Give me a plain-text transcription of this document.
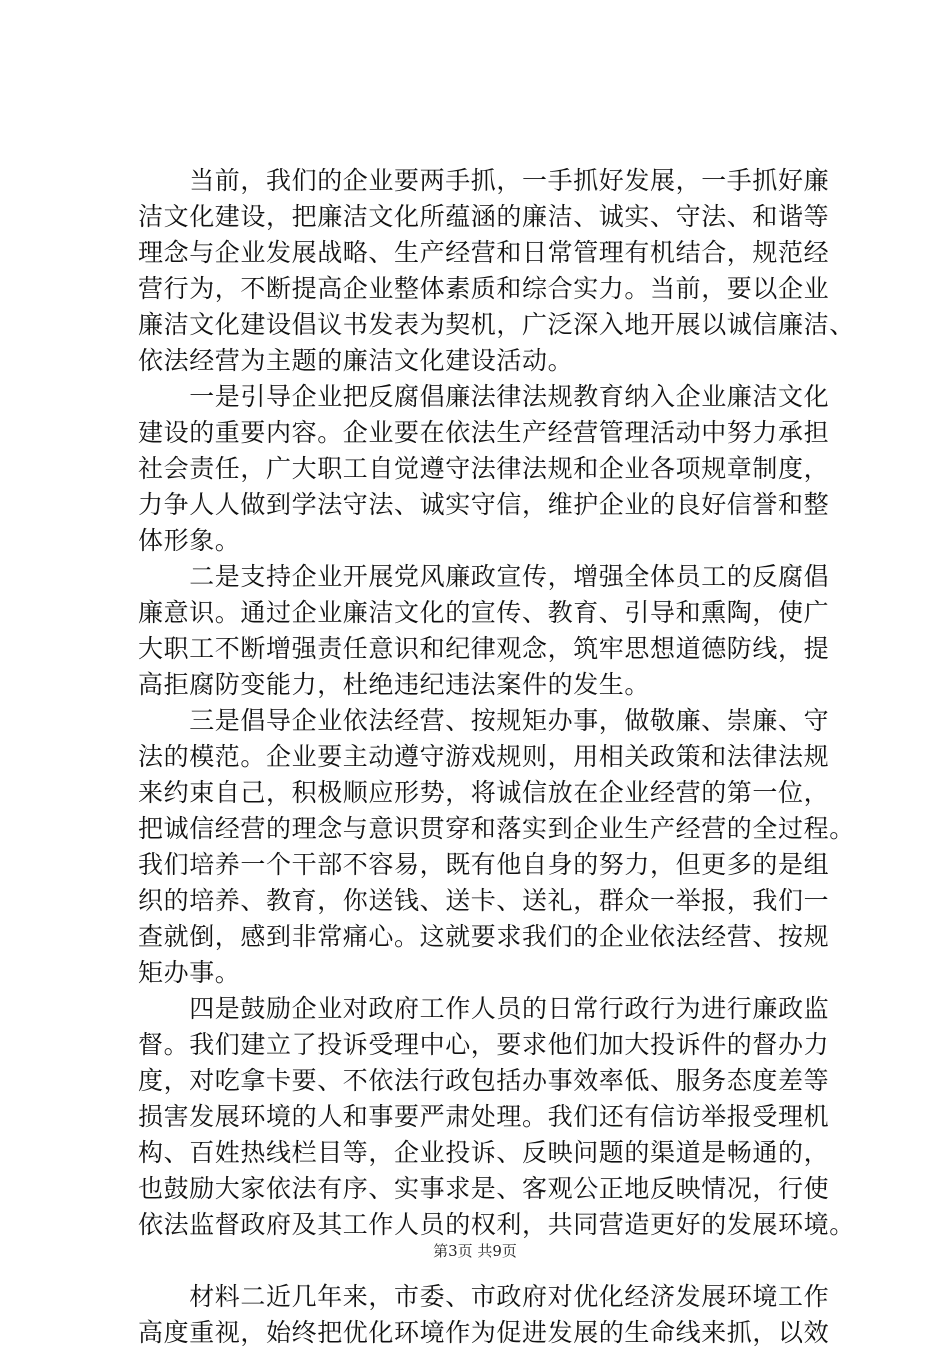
　　当前，我们的企业要两手抓，一手抓好发展，一手抓好廉
洁文化建设，把廉洁文化所蕴涵的廉洁、诚实、守法、和谐等
理念与企业发展战略、生产经营和日常管理有机结合，规范经
营行为，不断提高企业整体素质和综合实力。当前，要以企业
廉洁文化建设倡议书发表为契机，广泛深入地开展以诚信廉洁、
依法经营为主题的廉洁文化建设活动。
　　一是引导企业把反腐倡廉法律法规教育纳入企业廉洁文化
建设的重要内容。企业要在依法生产经营管理活动中努力承担
社会责任，广大职工自觉遵守法律法规和企业各项规章制度，
力争人人做到学法守法、诚实守信，维护企业的良好信誉和整
体形象。
　　二是支持企业开展党风廉政宣传，增强全体员工的反腐倡
廉意识。通过企业廉洁文化的宣传、教育、引导和熏陶，使广
大职工不断增强责任意识和纪律观念，筑牢思想道德防线，提
高拒腐防变能力，杜绝违纪违法案件的发生。
　　三是倡导企业依法经营、按规矩办事，做敬廉、崇廉、守
法的模范。企业要主动遵守游戏规则，用相关政策和法律法规
来约束自己，积极顺应形势，将诚信放在企业经营的第一位，
把诚信经营的理念与意识贯穿和落实到企业生产经营的全过程。
我们培养一个干部不容易，既有他自身的努力，但更多的是组
织的培养、教育，你送钱、送卡、送礼，群众一举报，我们一
查就倒，感到非常痛心。这就要求我们的企业依法经营、按规
矩办事。
　　四是鼓励企业对政府工作人员的日常行政行为进行廉政监
督。我们建立了投诉受理中心，要求他们加大投诉件的督办力
度，对吃拿卡要、不依法行政包括办事效率低、服务态度差等
损害发展环境的人和事要严肃处理。我们还有信访举报受理机
构、百姓热线栏目等，企业投诉、反映问题的渠道是畅通的，
也鼓励大家依法有序、实事求是、客观公正地反映情况，行使
依法监督政府及其工作人员的权利，共同营造更好的发展环境。
　　材料二近几年来，市委、市政府对优化经济发展环境工作
高度重视，始终把优化环境作为促进发展的生命线来抓，以效
第3页 共9页
